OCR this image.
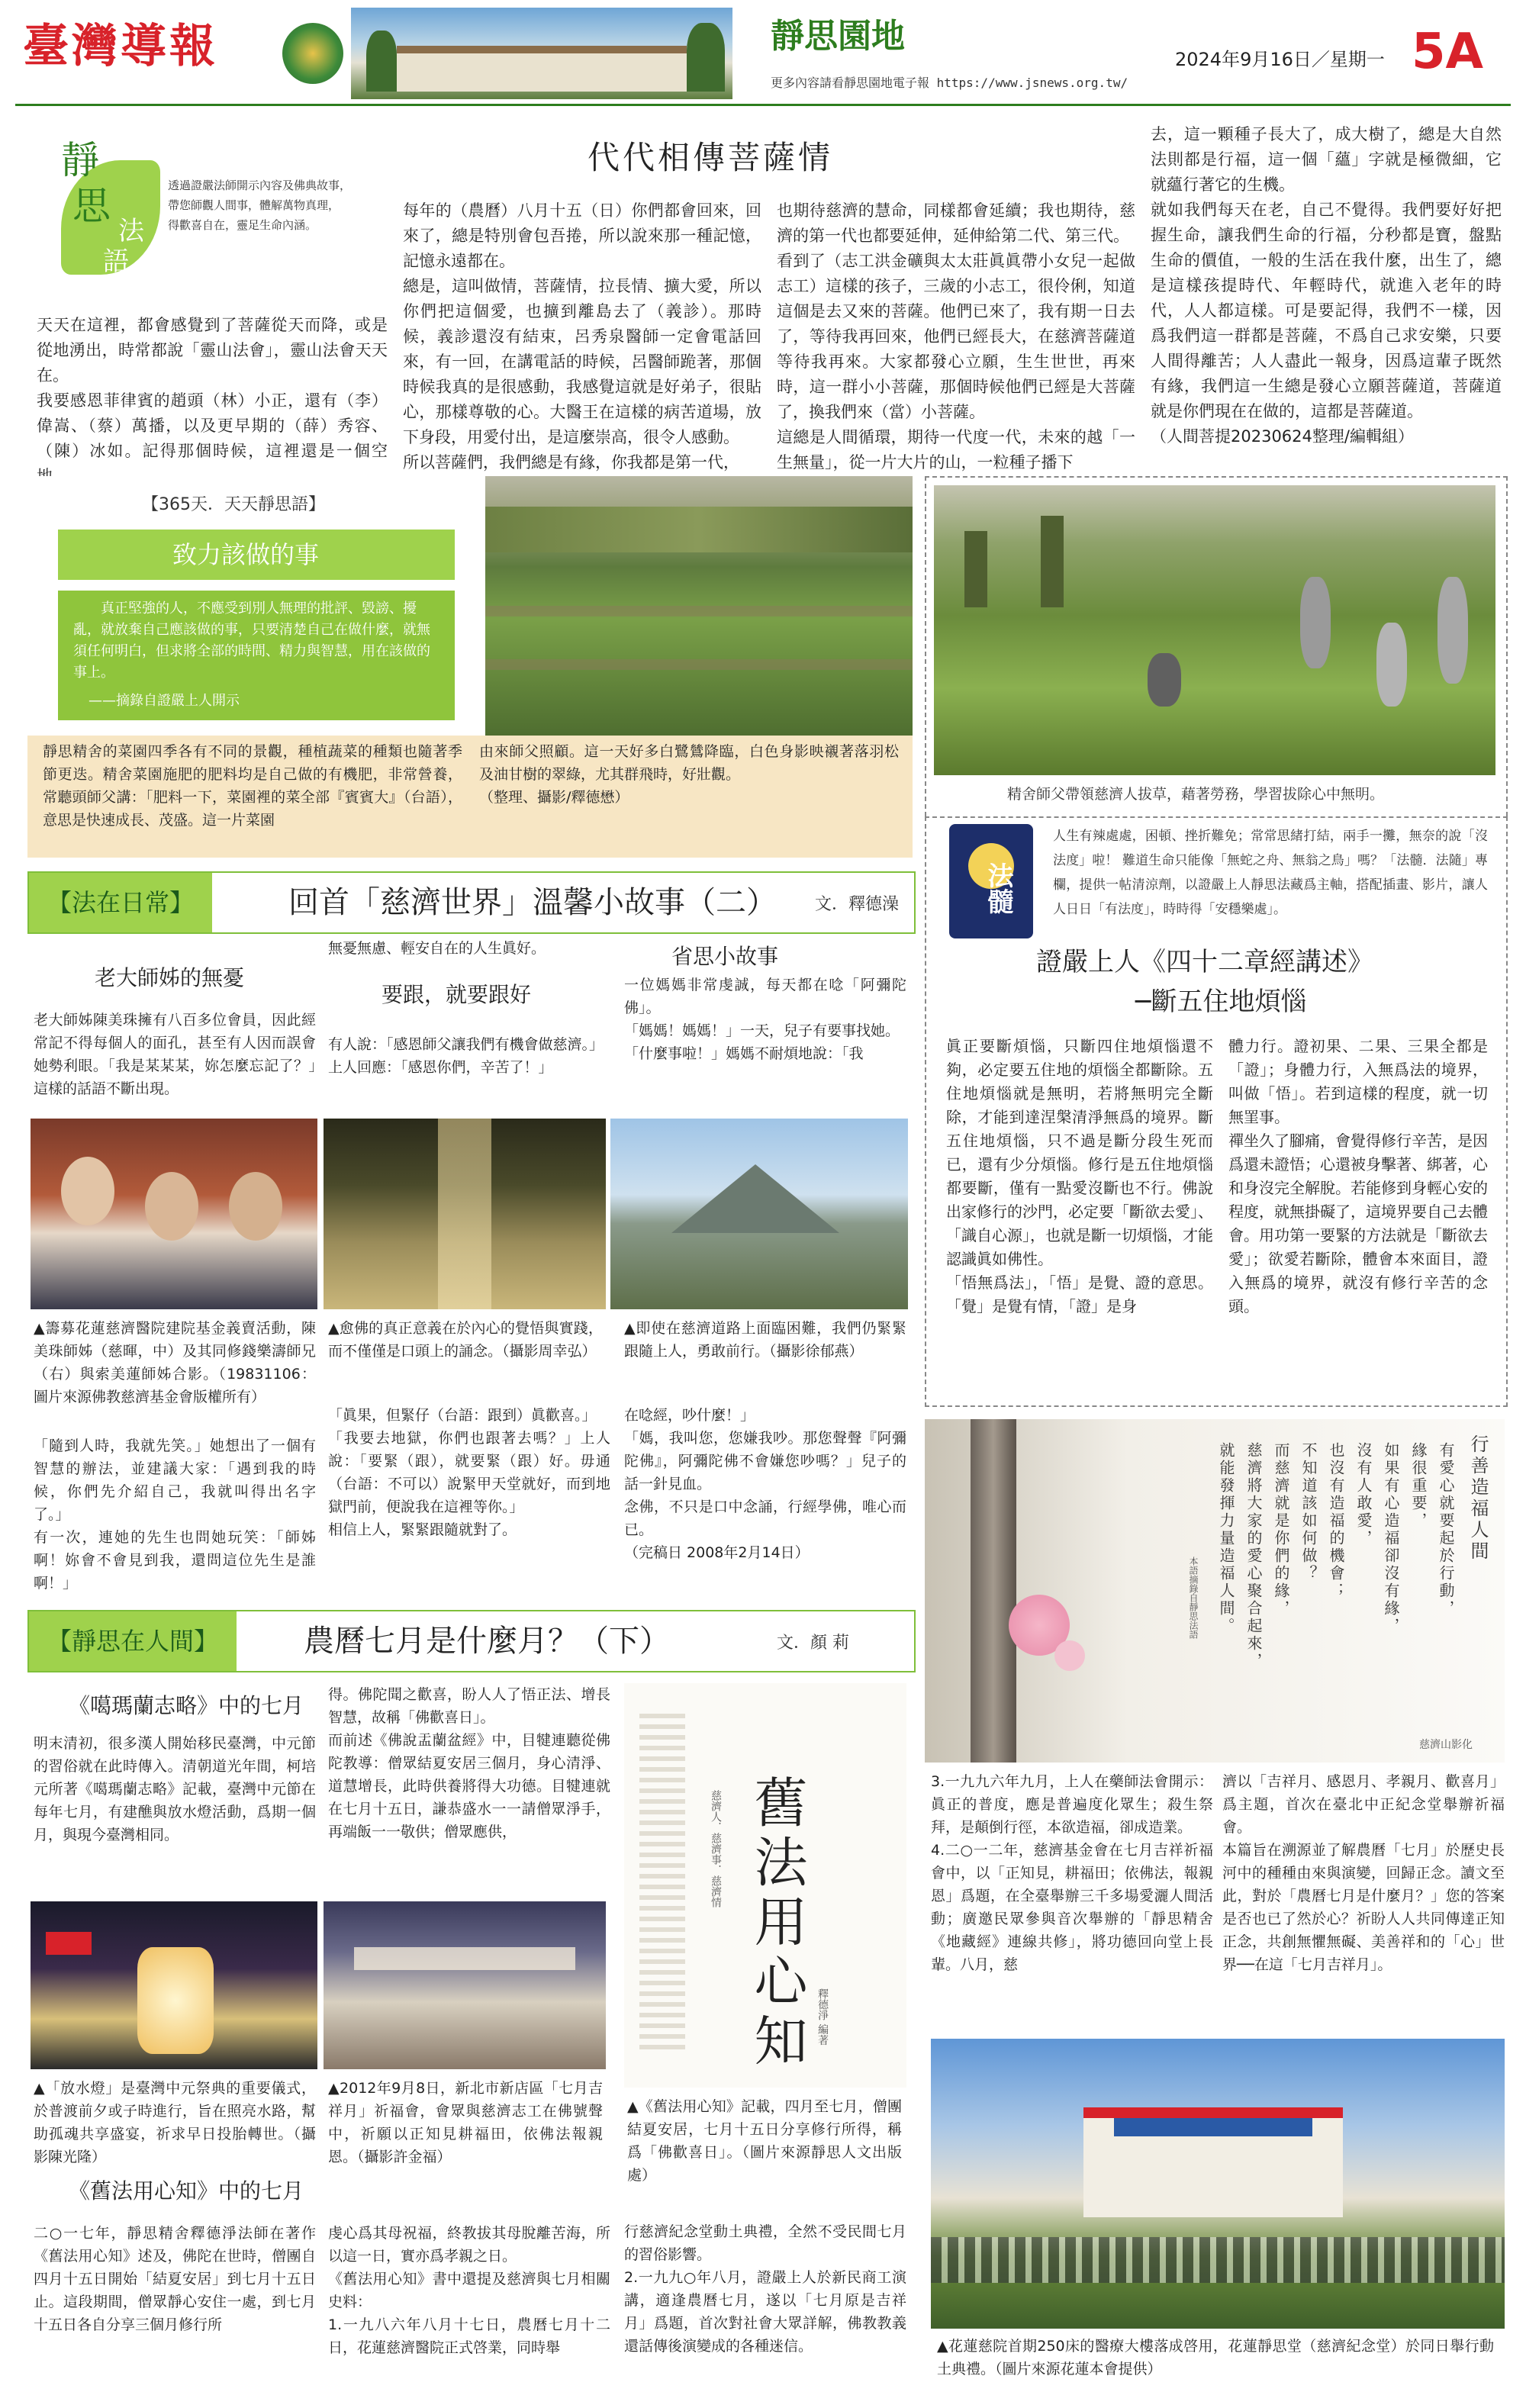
臺灣導報	靜思園地
更多內容請看靜思園地電子報 https://www.jsnews.org.tw/
2024年9月16日／星期一 5A
靜
思
法
語
透過證嚴法師開示內容及佛典故事，
帶您師觀人間事，體解萬物真理，
得歡喜自在，靈足生命內涵。
代代相傳菩薩情
天天在這裡，都會感覺到了菩薩從天而降，或是從地湧出，時常都說「靈山法會」，靈山法會天天在。
我要感恩菲律賓的趙頭（林）小正，還有（李）偉嵩、（蔡）萬播，以及更早期的（薛）秀容、（陳）冰如。記得那個時候，這裡還是一個空
每年的（農曆）八月十五（日）你們都會回來，回來了，總是特別會包吾捲，所以說來那一種記憶，記憶永遠都在。
總是，這叫做情，菩薩情，拉長情、擴大愛，所以你們把這個愛，也擴到離島去了（義診）。那時候，義診還沒有結束，呂秀泉醫師一定會電話回來，有一回，在講電話的時候，呂醫師跪著，那個時候我真的是很感動，我感覺這就是好弟子，很貼心，那樣尊敬的心。大醫王在這樣的病苦道場，放下身段，用愛付出，是這麼崇高，很令人感動。
所以菩薩們，我們總是有緣，你我都是第一代，
也期待慈濟的慧命，同樣都會延續；我也期待，慈濟的第一代也都要延伸，延伸給第二代、第三代。
看到了（志工洪金礦與太太莊眞眞帶小女兒一起做志工）這樣的孩子，三歲的小志工，很伶俐，知道這個是去又來的菩薩。他們已來了，我有期一日去了，等待我再回來，他們已經長大，在慈濟菩薩道等待我再來。大家都發心立願，生生世世，再來時，這一群小小菩薩，那個時候他們已經是大菩薩了，換我們來（當）小菩薩。
這總是人間循環，期待一代度一代，未來的越「一生無量」，從一片大片的山，一粒種子播下
去，這一顆種子長大了，成大樹了，總是大自然法則都是行福，這一個「蘊」字就是極微細，它就蘊行著它的生機。
就如我們每天在老，自己不覺得。我們要好好把握生命，讓我們生命的行福，分秒都是寶，盤點生命的價值，一般的生活在我什麼，出生了，總是這樣孩提時代、年輕時代，就進入老年的時代，人人都這樣。可是要記得，我們不一樣，因爲我們這一群都是菩薩，不爲自己求安樂，只要人間得離苦；人人盡此一報身，因爲這輩子既然有緣，我們這一生總是發心立願菩薩道，菩薩道就是你們現在在做的，這都是菩薩道。
（人間菩提20230624整理/編輯組）
【365天．天天靜思語】
致力該做的事
真正堅強的人，不應受到別人無理的批評、毀謗、擾亂，就放棄自己應該做的事，只要清楚自己在做什麼，就無須任何明白，但求將全部的時間、精力與智慧，用在該做的事上。
——摘錄自證嚴上人開示
靜思精舍的菜園四季各有不同的景觀，種植蔬菜的種類也隨著季節更迭。精舍菜園施肥的肥料均是自己做的有機肥，非常營養，常聽頭師父講：「肥料一下，菜園裡的菜全部『賓賓大』（台語），意思是快速成長、茂盛。這一片菜園
由來師父照顧。這一天好多白鷺鷥降臨，白色身影映襯著落羽松及油甘樹的翠綠，尤其群飛時，好壯觀。
（整理、攝影/釋德懋）	精舍師父帶領慈濟人拔草，藉著勞務，學習拔除心中無明。
法髓
人生有辣處處，困頓、挫折難免；常常思緒打結，兩手一攤，無奈的說「沒法度」啦！ 難道生命只能像「無蛇之舟、無翁之鳥」嗎？「法髓．法隨」專欄，提供一帖清涼劑，以證嚴上人靜思法藏爲主軸，搭配插畫、影片，讓人人日日「有法度」，時時得「安穩樂處」。
證嚴上人《四十二章經講述》
─斷五住地煩惱
眞正要斷煩惱，只斷四住地煩惱還不夠，必定要五住地的煩惱全都斷除。五住地煩惱就是無明，若將無明完全斷除，才能到達涅槃清淨無爲的境界。斷五住地煩惱，只不過是斷分段生死而已，還有少分煩惱。修行是五住地煩惱都要斷，僅有一點愛沒斷也不行。佛說出家修行的沙門，必定要「斷欲去愛」、「識自心源」，也就是斷一切煩惱，才能認識眞如佛性。
「悟無爲法」，「悟」是覺、證的意思。「覺」是覺有情，「證」是身
體力行。證初果、二果、三果全都是「證」；身體力行，入無爲法的境界，叫做「悟」。若到這樣的程度，就一切無罣事。
禪坐久了腳痛，會覺得修行辛苦，是因爲還未證悟；心還被身擊著、綁著，心和身沒完全解脫。若能修到身輕心安的程度，就無掛礙了，這境界要自己去體會。用功第一要緊的方法就是「斷欲去愛」；欲愛若斷除，體會本來面目，證入無爲的境界，就沒有修行辛苦的念頭。
【法在日常】	回首「慈濟世界」溫馨小故事（二） 文．釋德澡
老大師姊的無憂
老大師姊陳美珠擁有八百多位會員，因此經常記不得每個人的面孔，甚至有人因而誤會她勢利眼。「我是某某某，妳怎麼忘記了？」這樣的話語不斷出現。
無憂無慮、輕安自在的人生眞好。
要跟，就要跟好
有人說：「感恩師父讓我們有機會做慈濟。」
上人回應：「感恩你們，辛苦了！」
省思小故事
一位媽媽非常虔誠，每天都在唸「阿彌陀佛」。
「媽媽！媽媽！」一天，兒子有要事找她。
「什麼事啦！」媽媽不耐煩地說：「我
▲籌募花蓮慈濟醫院建院基金義賣活動，陳美珠師姊（慈暉，中）及其同修錢樂濤師兄（右）與索美蓮師姊合影。（19831106：圖片來源佛教慈濟基金會版權所有）
▲愈佛的真正意義在於內心的覺悟與實踐，而不僅僅是口頭上的誦念。（攝影周幸弘）
▲即使在慈濟道路上面臨困難，我們仍緊緊跟隨上人，勇敢前行。（攝影徐郁燕）
「隨到人時，我就先笑。」她想出了一個有智慧的辦法，並建議大家：「遇到我的時候，你們先介紹自己，我就叫得出名字了。」
有一次，連她的先生也問她玩笑：「師姊啊！妳會不會見到我，還問這位先生是誰啊！」
「眞果，但緊仔（台語：跟到）眞歡喜。」
「我要去地獄，你們也跟著去嗎？」上人說：「要緊（跟），就要緊（跟）好。毋通（台語：不可以）說緊甲天堂就好，而到地獄門前，便說我在這裡等你。」
相信上人，緊緊跟隨就對了。
在唸經，吵什麼！」
「媽，我叫您，您嫌我吵。那您聲聲『阿彌陀佛』，阿彌陀佛不會嫌您吵嗎？」兒子的話一針見血。
念佛，不只是口中念誦，行經學佛，唯心而已。
（完稿日 2008年2月14日）	行善造福人間
有愛心就要起於行動，
緣很重要，
如果有心造福卻沒有緣，
沒有人敢愛，
也沒有造福的機會；
不知道該如何做？
而慈濟就是你們的緣，
慈濟將大家的愛心聚合起來，
就能發揮力量造福人間。
本語摘錄自靜思法語
慈濟山影化
【靜思在人間】	農曆七月是什麼月？（下）	文．顏 莉
《噶瑪蘭志略》中的七月
明末清初，很多漢人開始移民臺灣，中元節的習俗就在此時傳入。清朝道光年間，柯培元所著《噶瑪蘭志略》記載，臺灣中元節在每年七月，有建醮與放水燈活動，爲期一個月，與現今臺灣相同。
得。佛陀聞之歡喜，盼人人了悟正法、增長智慧，故稱「佛歡喜日」。
而前述《佛說盂蘭盆經》中，目犍連聽從佛陀教導：僧眾結夏安居三個月，身心清淨、道慧增長，此時供養將得大功德。目犍連就在七月十五日，謙恭盛水一一請僧眾淨手，再端飯一一敬供；僧眾應供，
▲「放水燈」是臺灣中元祭典的重要儀式，於普渡前夕或子時進行，旨在照亮水路，幫助孤魂共享盛宴，祈求早日投胎轉世。（攝影陳光隆）
▲2012年9月8日，新北市新店區「七月吉祥月」祈福會，會眾與慈濟志工在佛號聲中，祈願以正知見耕福田，依佛法報親恩。（攝影許金福）
《舊法用心知》中的七月
二○一七年，靜思精舍釋德淨法師在著作《舊法用心知》述及，佛陀在世時，僧團自四月十五日開始「結夏安居」到七月十五日止。這段期間，僧眾靜心安住一處，到七月十五日各自分享三個月修行所
虔心爲其母祝福，終教拔其母脫離苦海，所以這一日，實亦爲孝親之日。
《舊法用心知》書中還提及慈濟與七月相關史料：
1.一九八六年八月十七日，農曆七月十二日，花蓮慈濟醫院正式啓業，同時舉
舊法用心知
慈濟人．慈濟事．慈濟情
釋德淨 編著
▲《舊法用心知》記載，四月至七月，僧團結夏安居，七月十五日分享修行所得，稱爲「佛歡喜日」。（圖片來源靜思人文出版處）
行慈濟紀念堂動土典禮，全然不受民間七月的習俗影響。
2.一九九○年八月，證嚴上人於新民商工演講，適逢農曆七月，遂以「七月原是吉祥月」爲題，首次對社會大眾詳解，佛教教義還話傳後演變成的各種迷信。
3.一九九六年九月，上人在藥師法會開示：眞正的普度，應是普遍度化眾生；殺生祭拜，是顛倒行徑，本欲造福，卻成造業。
4.二○一二年，慈濟基金會在七月吉祥祈福會中，以「正知見，耕福田；依佛法，報親恩」爲題，在全臺舉辦三千多場愛灑人間活動；廣邀民眾參與音次舉辦的「靜思精舍《地藏經》連線共修」，將功德回向堂上長輩。八月，慈
濟以「吉祥月、感恩月、孝親月、歡喜月」爲主題，首次在臺北中正紀念堂舉辦祈福會。
本篇旨在溯源並了解農曆「七月」於歷史長河中的種種由來與演變，回歸正念。讀文至此，對於「農曆七月是什麼月？」您的答案是否也已了然於心？祈盼人人共同傳達正知正念，共創無懼無礙、美善祥和的「心」世界──在這「七月吉祥月」。
▲花蓮慈院首期250床的醫療大樓落成啓用，花蓮靜思堂（慈濟紀念堂）於同日舉行動土典禮。（圖片來源花蓮本會提供）
